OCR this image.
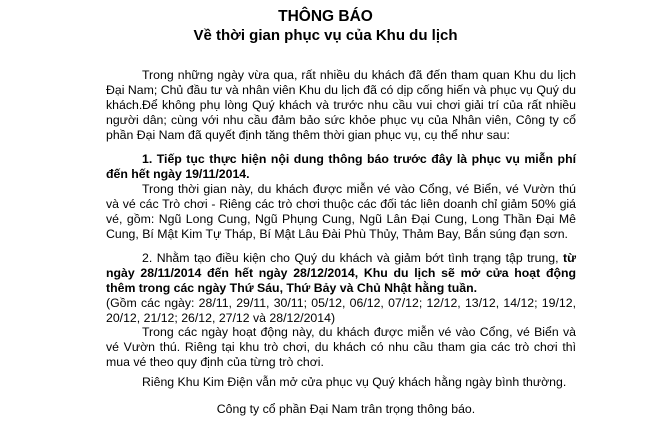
THÔNG BÁO
Về thời gian phục vụ của Khu du lịch

Trong những ngày vừa qua, rất nhiều du khách đã đến tham quan Khu du lịch Đại Nam; Chủ đầu tư và nhân viên Khu du lịch đã có dịp cống hiến và phục vụ Quý du khách. Để không phụ lòng Quý khách và trước nhu cầu vui chơi giải trí của rất nhiều người dân; cùng với nhu cầu đảm bảo sức khỏe phục vụ của Nhân viên, Công ty cổ phần Đại Nam đã quyết định tăng thêm thời gian phục vụ, cụ thể như sau:

1. Tiếp tục thực hiện nội dung thông báo trước đây là phục vụ miễn phí đến hết ngày 19/11/2014.

Trong thời gian này, du khách được miễn vé vào Cổng, vé Biển, vé Vườn thú và vé các Trò chơi - Riêng các trò chơi thuộc các đối tác liên doanh chỉ giảm 50% giá vé, gồm: Ngũ Long Cung, Ngũ Phụng Cung, Ngũ Lân Đại Cung, Long Thần Đại Mê Cung, Bí Mật Kim Tự Tháp, Bí Mật Lâu Đài Phù Thủy, Thảm Bay, Bắn súng đạn sơn.

2. Nhằm tạo điều kiện cho Quý du khách và giảm bớt tình trạng tập trung, từ ngày 28/11/2014 đến hết ngày 28/12/2014, Khu du lịch sẽ mở cửa hoạt động thêm trong các ngày Thứ Sáu, Thứ Bảy và Chủ Nhật hằng tuần.

(Gồm các ngày: 28/11, 29/11, 30/11; 05/12, 06/12, 07/12; 12/12, 13/12, 14/12; 19/12, 20/12, 21/12; 26/12, 27/12 và 28/12/2014)

Trong các ngày hoạt động này, du khách được miễn vé vào Cổng, vé Biển và vé Vườn thú. Riêng tại khu trò chơi, du khách có nhu cầu tham gia các trò chơi thì mua vé theo quy định của từng trò chơi.

Riêng Khu Kim Điện vẫn mở cửa phục vụ Quý khách hằng ngày bình thường.

Công ty cổ phần Đại Nam trân trọng thông báo.
